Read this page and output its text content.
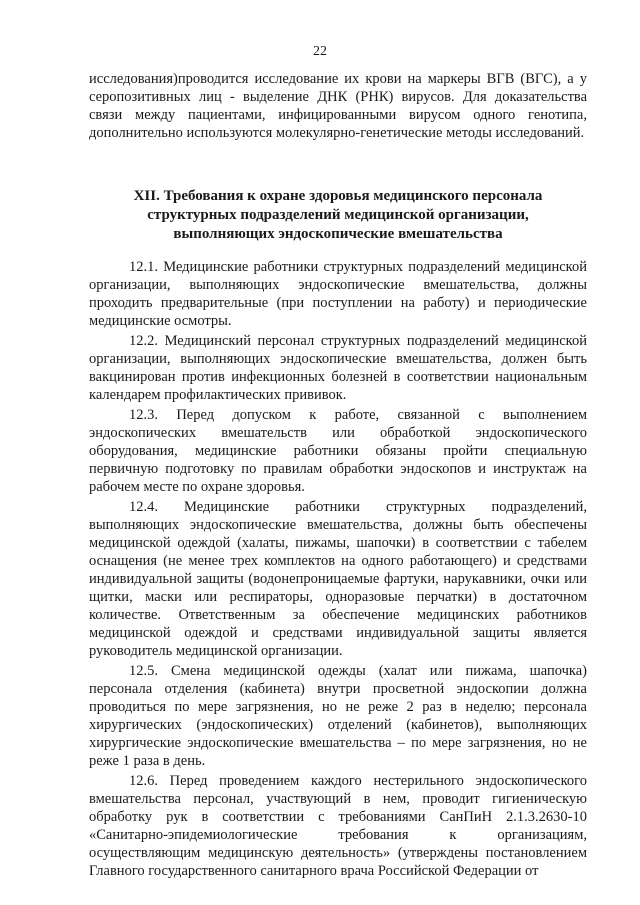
22

исследования)проводится исследование их крови на маркеры ВГВ (ВГС), а у серопозитивных лиц - выделение ДНК (РНК) вирусов. Для доказательства связи между пациентами, инфицированными вирусом одного генотипа, дополнительно используются молекулярно-генетические методы исследований.

XII. Требования к охране здоровья медицинского персонала
структурных подразделений медицинской организации,
выполняющих эндоскопические вмешательства

12.1. Медицинские работники структурных подразделений медицинской организации, выполняющих эндоскопические вмешательства, должны проходить предварительные (при поступлении на работу) и периодические медицинские осмотры.

12.2. Медицинский персонал структурных подразделений медицинской организации, выполняющих эндоскопические вмешательства, должен быть вакцинирован против инфекционных болезней в соответствии национальным календарем профилактических прививок.

12.3. Перед допуском к работе, связанной с выполнением эндоскопических вмешательств или обработкой эндоскопического оборудования, медицинские работники обязаны пройти специальную первичную подготовку по правилам обработки эндоскопов и инструктаж на рабочем месте по охране здоровья.

12.4. Медицинские работники структурных подразделений, выполняющих эндоскопические вмешательства, должны быть обеспечены медицинской одеждой (халаты, пижамы, шапочки) в соответствии с табелем оснащения (не менее трех комплектов на одного работающего) и средствами индивидуальной защиты (водонепроницаемые фартуки, нарукавники, очки или щитки, маски или респираторы, одноразовые перчатки) в достаточном количестве. Ответственным за обеспечение медицинских работников медицинской одеждой и средствами индивидуальной защиты является руководитель медицинской организации.

12.5. Смена медицинской одежды (халат или пижама, шапочка) персонала отделения (кабинета) внутри просветной эндоскопии должна проводиться по мере загрязнения, но не реже 2 раз в неделю; персонала хирургических (эндоскопических) отделений (кабинетов), выполняющих хирургические эндоскопические вмешательства – по мере загрязнения, но не реже 1 раза в день.

12.6. Перед проведением каждого нестерильного эндоскопического вмешательства персонал, участвующий в нем, проводит гигиеническую обработку рук в соответствии с требованиями СанПиН 2.1.3.2630-10 «Санитарно-эпидемиологические требования к организациям, осуществляющим медицинскую деятельность» (утверждены постановлением Главного государственного санитарного врача Российской Федерации от
